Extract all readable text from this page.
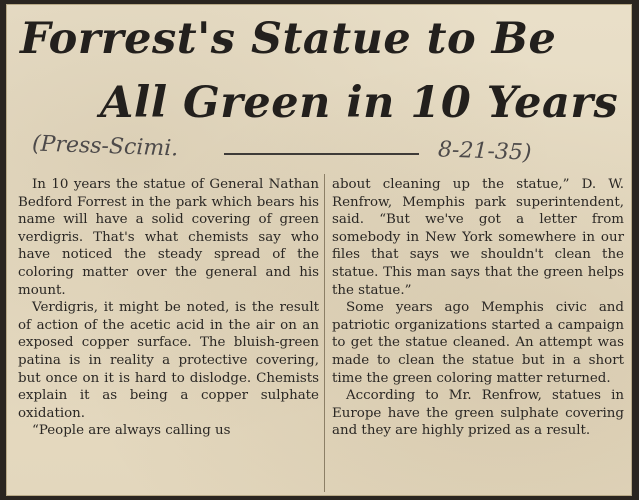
Forrest's Statue to Be
All Green in 10 Years
(Press-Scimi.	8-21-35)

In 10 years the statue of General Nathan Bedford Forrest in the park which bears his name will have a solid covering of green verdigris. That's what chemists say who have noticed the steady spread of the coloring matter over the general and his mount.

Verdigris, it might be noted, is the result of action of the acetic acid in the air on an exposed copper surface. The bluish-green patina is in reality a protective covering, but once on it is hard to dislodge. Chemists explain it as being a copper sulphate oxidation.

“People are always calling us

about cleaning up the statue,” D. W. Renfrow, Memphis park superintendent, said. “But we've got a letter from somebody in New York somewhere in our files that says we shouldn't clean the statue. This man says that the green helps the statue.”

Some years ago Memphis civic and patriotic organizations started a campaign to get the statue cleaned. An attempt was made to clean the statue but in a short time the green coloring matter returned.

According to Mr. Renfrow, statues in Europe have the green sulphate covering and they are highly prized as a result.
